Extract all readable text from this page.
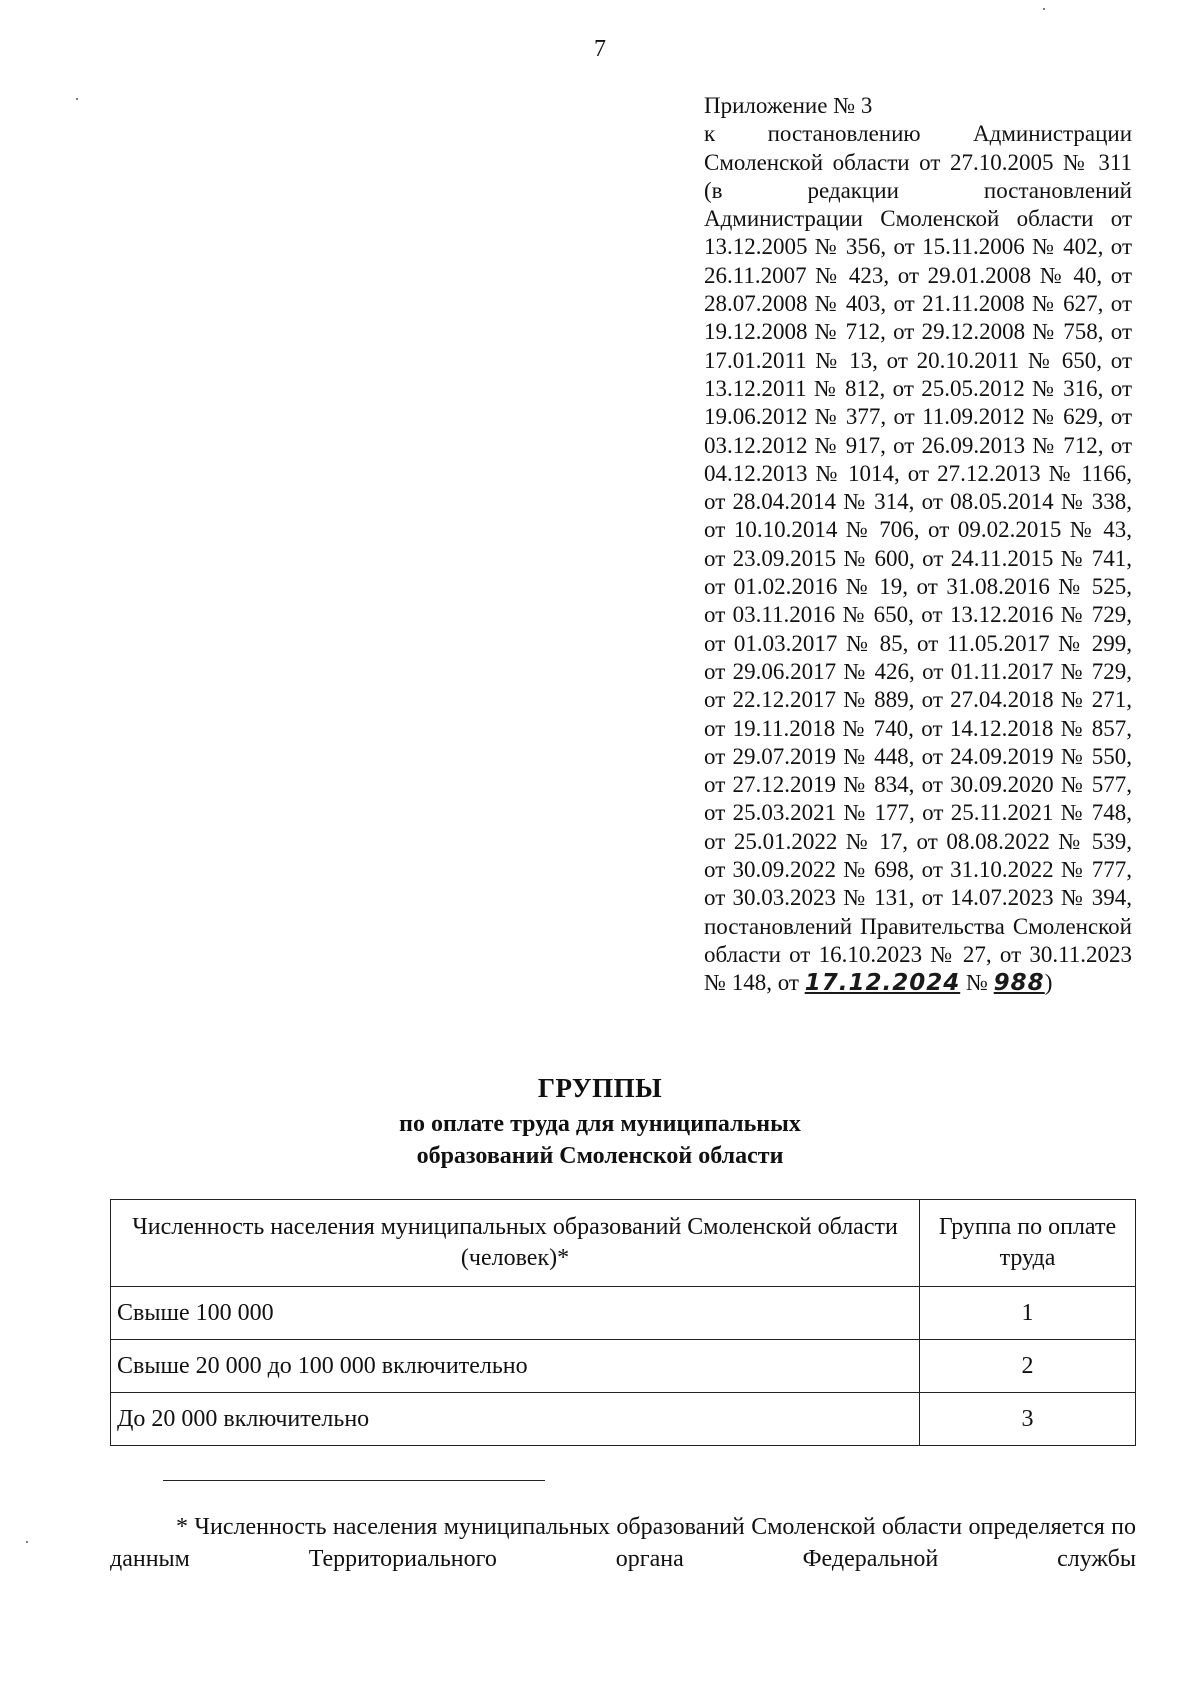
7

Приложение № 3

к постановлению Администрации Смоленской области от 27.10.2005 № 311 (в редакции постановлений Администрации Смоленской области от 13.12.2005 № 356, от 15.11.2006 № 402, от 26.11.2007 № 423, от 29.01.2008 № 40, от 28.07.2008 № 403, от 21.11.2008 № 627, от 19.12.2008 № 712, от 29.12.2008 № 758, от 17.01.2011 № 13, от 20.10.2011 № 650, от 13.12.2011 № 812, от 25.05.2012 № 316, от 19.06.2012 № 377, от 11.09.2012 № 629, от 03.12.2012 № 917, от 26.09.2013 № 712, от 04.12.2013 № 1014, от 27.12.2013 № 1166, от 28.04.2014 № 314, от 08.05.2014 № 338, от 10.10.2014 № 706, от 09.02.2015 № 43, от 23.09.2015 № 600, от 24.11.2015 № 741, от 01.02.2016 № 19, от 31.08.2016 № 525, от 03.11.2016 № 650, от 13.12.2016 № 729, от 01.03.2017 № 85, от 11.05.2017 № 299, от 29.06.2017 № 426, от 01.11.2017 № 729, от 22.12.2017 № 889, от 27.04.2018 № 271, от 19.11.2018 № 740, от 14.12.2018 № 857, от 29.07.2019 № 448, от 24.09.2019 № 550, от 27.12.2019 № 834, от 30.09.2020 № 577, от 25.03.2021 № 177, от 25.11.2021 № 748, от 25.01.2022 № 17, от 08.08.2022 № 539, от 30.09.2022 № 698, от 31.10.2022 № 777, от 30.03.2023 № 131, от 14.07.2023 № 394, постановлений Правительства Смоленской области от 16.10.2023 № 27, от 30.11.2023 № 148, от 17.12.2024 № 988)

ГРУППЫ
по оплате труда для муниципальных
образований Смоленской области
Численность населения муниципальных образований Смоленской области (человек)*	Группа по оплате труда
Свыше 100 000	1
Свыше 20 000 до 100 000 включительно	2
До 20 000 включительно	3

* Численность населения муниципальных образований Смоленской области определяется по данным Территориального органа Федеральной службы
